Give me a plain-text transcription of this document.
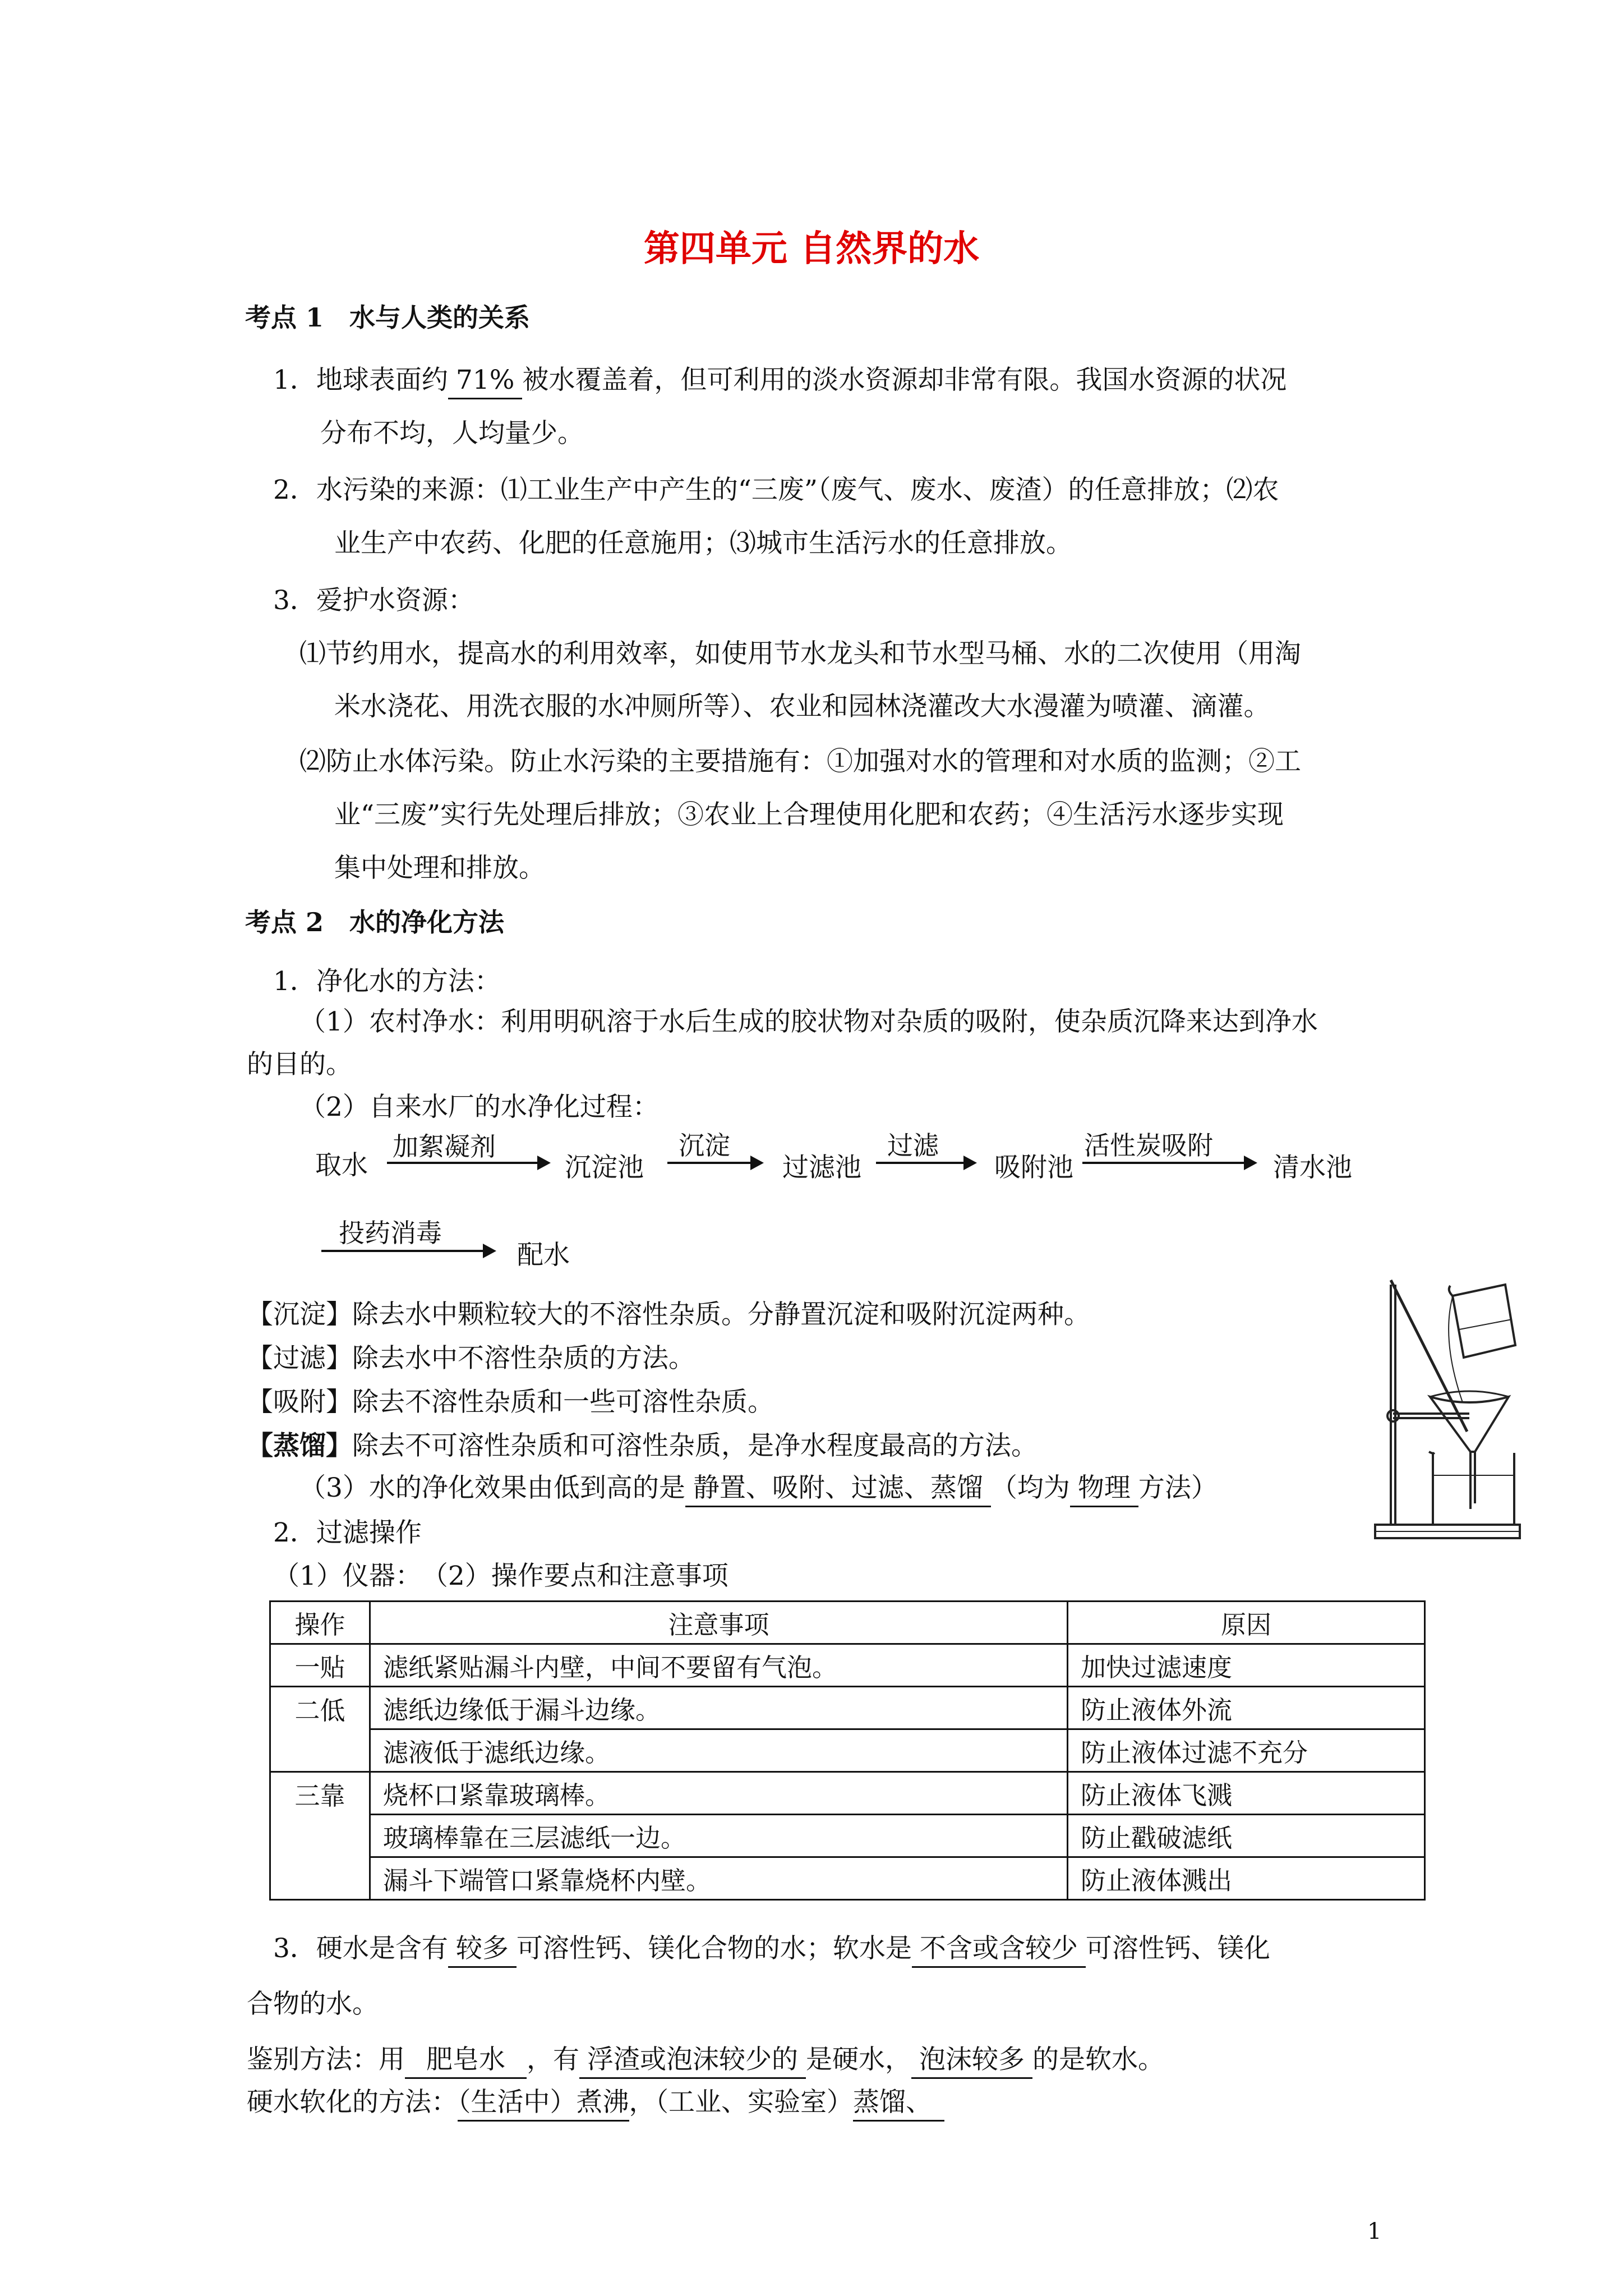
第四单元 自然界的水
考点 1　水与人类的关系
1．地球表面约 71% 被水覆盖着，但可利用的淡水资源却非常有限。我国水资源的状况
分布不均，人均量少。
2．水污染的来源：⑴工业生产中产生的“三废”（废气、废水、废渣）的任意排放；⑵农
业生产中农药、化肥的任意施用；⑶城市生活污水的任意排放。
3．爱护水资源：
⑴节约用水，提高水的利用效率，如使用节水龙头和节水型马桶、水的二次使用（用淘
米水浇花、用洗衣服的水冲厕所等）、农业和园林浇灌改大水漫灌为喷灌、滴灌。
⑵防止水体污染。防止水污染的主要措施有：①加强对水的管理和对水质的监测；②工
业“三废”实行先处理后排放；③农业上合理使用化肥和农药；④生活污水逐步实现
集中处理和排放。
考点 2　水的净化方法
1．净化水的方法：
（1）农村净水：利用明矾溶于水后生成的胶状物对杂质的吸附，使杂质沉降来达到净水
的目的。
（2）自来水厂的水净化过程：
取水
加絮凝剂
沉淀池
沉淀
过滤池
过滤
吸附池
活性炭吸附
清水池
投药消毒
配水
【沉淀】除去水中颗粒较大的不溶性杂质。分静置沉淀和吸附沉淀两种。
【过滤】除去水中不溶性杂质的方法。
【吸附】除去不溶性杂质和一些可溶性杂质。
【蒸馏】除去不可溶性杂质和可溶性杂质，是净水程度最高的方法。
（3）水的净化效果由低到高的是 静置、吸附、过滤、蒸馏 （均为 物理 方法）
2．过滤操作
（1）仪器：　（2）操作要点和注意事项
操作	注意事项	原因
一贴	滤纸紧贴漏斗内壁，中间不要留有气泡。	加快过滤速度
二低	滤纸边缘低于漏斗边缘。	防止液体外流
	滤液低于滤纸边缘。	防止液体过滤不充分
三靠	烧杯口紧靠玻璃棒。	防止液体飞溅
	玻璃棒靠在三层滤纸一边。	防止戳破滤纸
	漏斗下端管口紧靠烧杯内壁。	防止液体溅出
3．硬水是含有 较多 可溶性钙、镁化合物的水；软水是 不含或含较少 可溶性钙、镁化
合物的水。
鉴别方法：用 肥皂水 ，有 浮渣或泡沫较少的 是硬水， 泡沫较多 的是软水。
硬水软化的方法：（生活中）煮沸，（工业、实验室）蒸馏、
1
